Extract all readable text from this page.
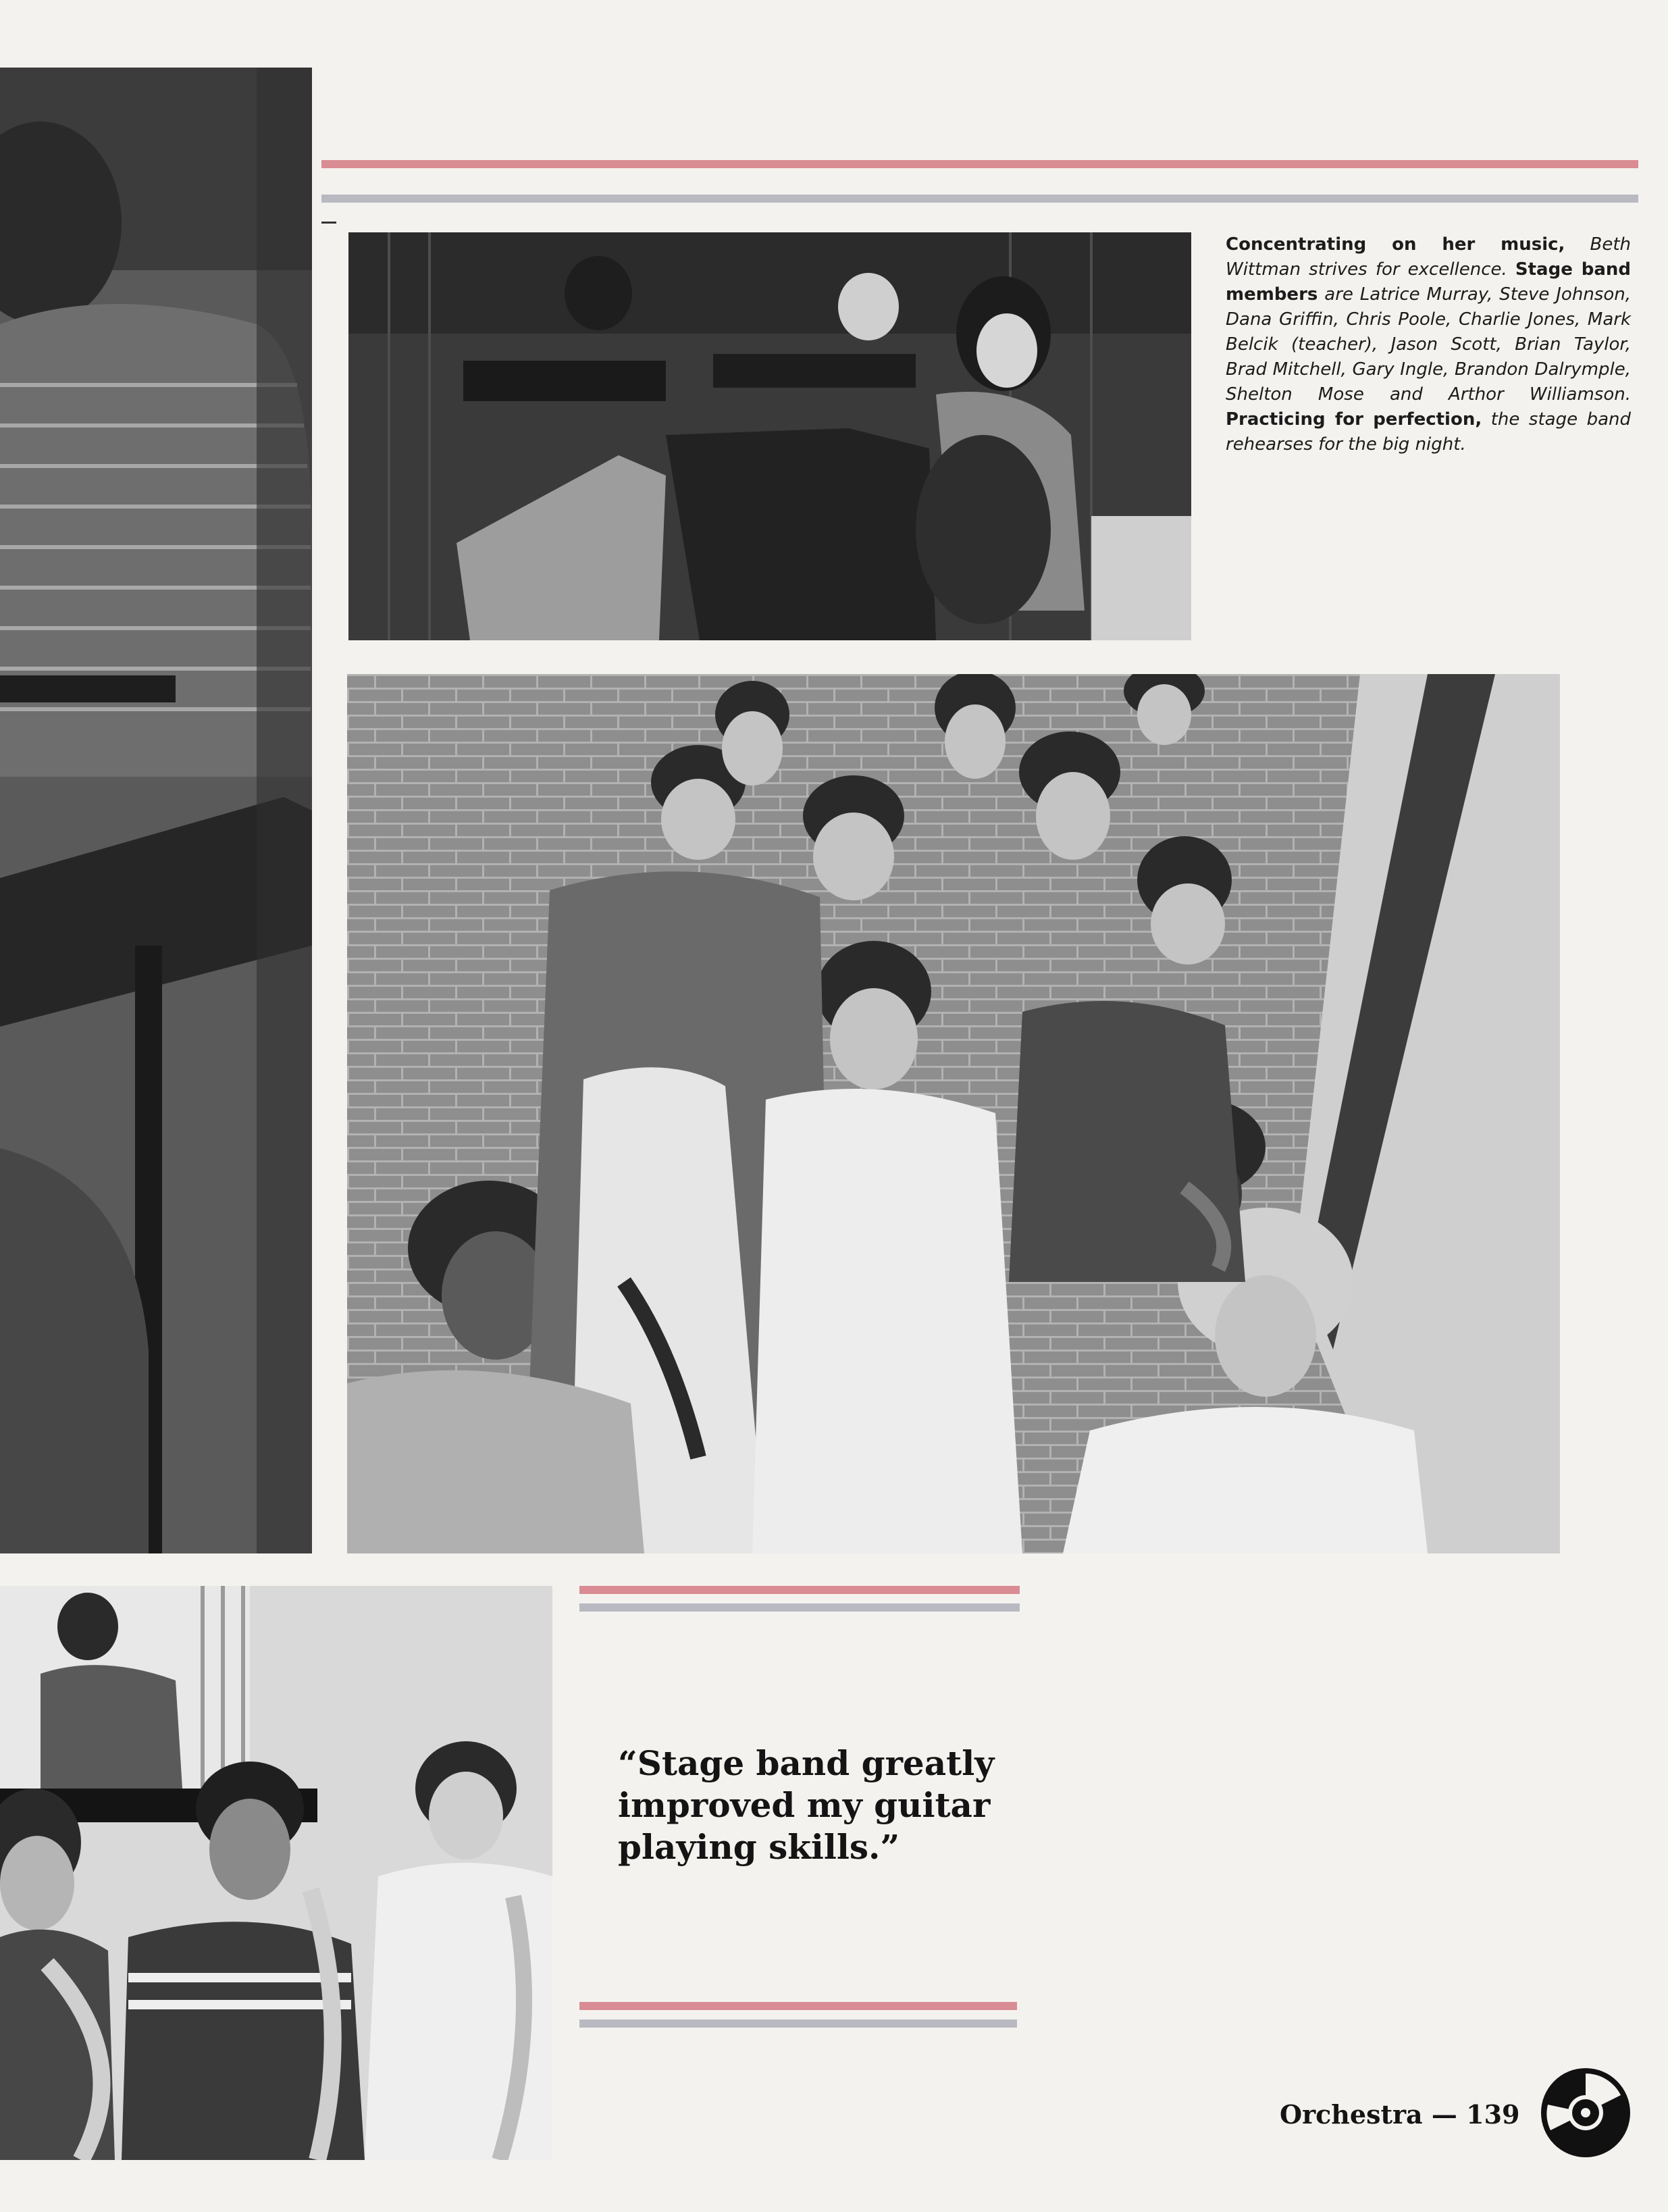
Concentrating on her music, Beth Wittman strives for excellence. Stage band members are Latrice Murray, Steve Johnson, Dana Griffin, Chris Poole, Charlie Jones, Mark Belcik (teacher), Jason Scott, Brian Taylor, Brad Mitchell, Gary Ingle, Brandon Dalrymple, Shelton Mose and Arthor Williamson. Practicing for perfection, the stage band rehearses for the big night.
“Stage band greatly improved my guitar playing skills.”
Orchestra — 139
